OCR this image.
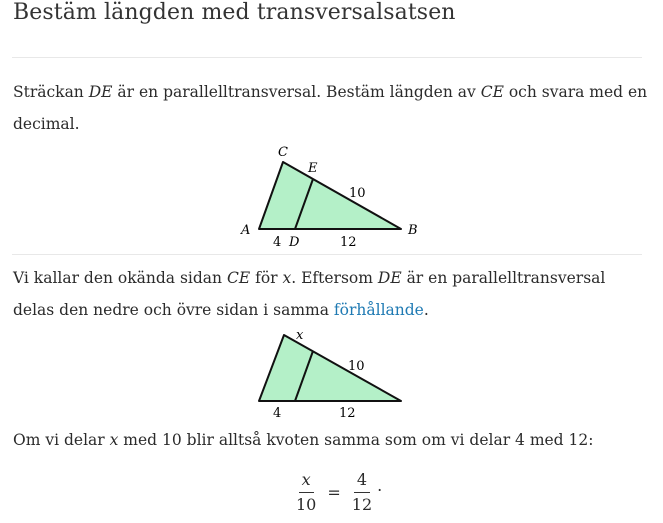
Bestäm längden med transversalsatsen
Sträckan DE är en parallelltransversal. Bestäm längden av CE och svara med en decimal.
C
E
A	B
D
10
4	12
Vi kallar den okända sidan CE för x. Eftersom DE är en parallelltransversal delas den nedre och övre sidan i samma förhållande.
x
10
4	12
Om vi delar x med 10 blir alltså kvoten samma som om vi delar 4 med 12:
$\frac{x}{10} = \frac{4}{12}$ .
